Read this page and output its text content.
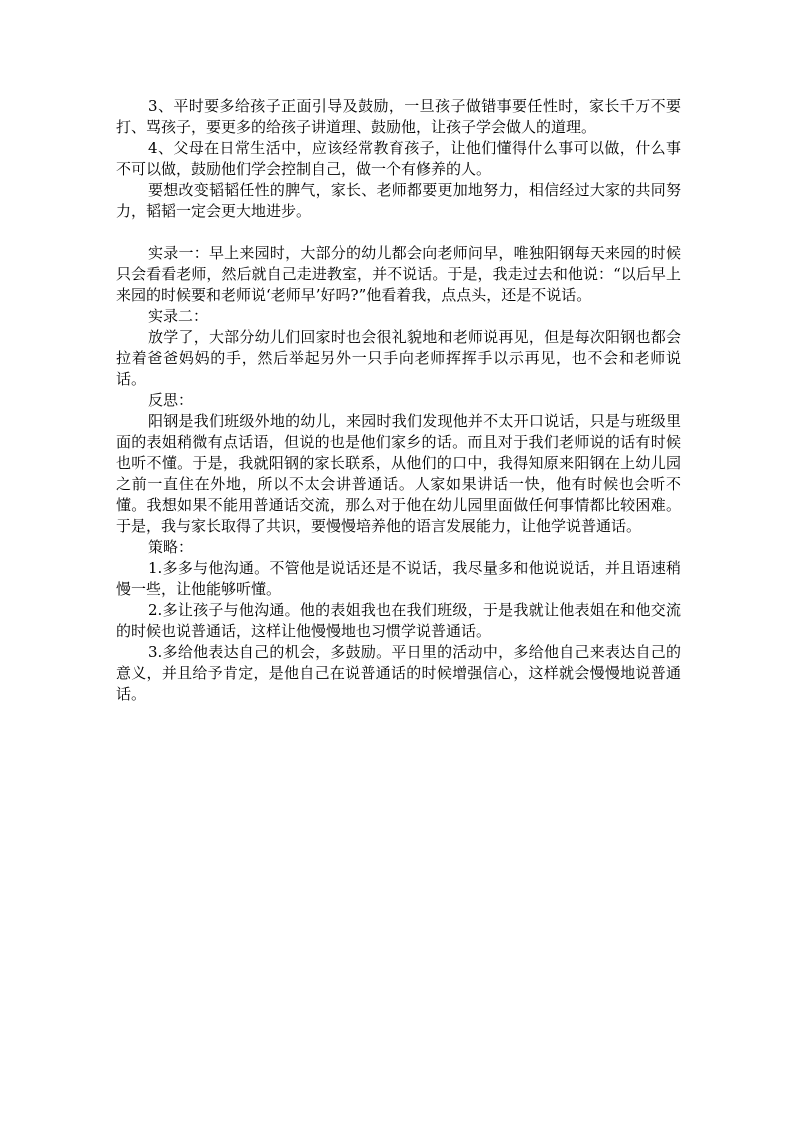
3、平时要多给孩子正面引导及鼓励，一旦孩子做错事要任性时，家长千万不要打、骂孩子，要更多的给孩子讲道理、鼓励他，让孩子学会做人的道理。

4、父母在日常生活中，应该经常教育孩子，让他们懂得什么事可以做，什么事不可以做，鼓励他们学会控制自己，做一个有修养的人。

要想改变韬韬任性的脾气，家长、老师都要更加地努力，相信经过大家的共同努力，韬韬一定会更大地进步。

实录一：早上来园时，大部分的幼儿都会向老师问早，唯独阳钢每天来园的时候只会看看老师，然后就自己走进教室，并不说话。于是，我走过去和他说：“以后早上来园的时候要和老师说‘老师早’好吗?”他看着我，点点头，还是不说话。

实录二：

放学了，大部分幼儿们回家时也会很礼貌地和老师说再见，但是每次阳钢也都会拉着爸爸妈妈的手，然后举起另外一只手向老师挥挥手以示再见，也不会和老师说话。

反思：

阳钢是我们班级外地的幼儿，来园时我们发现他并不太开口说话，只是与班级里面的表姐稍微有点话语，但说的也是他们家乡的话。而且对于我们老师说的话有时候也听不懂。于是，我就阳钢的家长联系，从他们的口中，我得知原来阳钢在上幼儿园之前一直住在外地，所以不太会讲普通话。人家如果讲话一快，他有时候也会听不懂。我想如果不能用普通话交流，那么对于他在幼儿园里面做任何事情都比较困难。于是，我与家长取得了共识，要慢慢培养他的语言发展能力，让他学说普通话。

策略：

1.多多与他沟通。不管他是说话还是不说话，我尽量多和他说说话，并且语速稍慢一些，让他能够听懂。

2.多让孩子与他沟通。他的表姐我也在我们班级，于是我就让他表姐在和他交流的时候也说普通话，这样让他慢慢地也习惯学说普通话。

3.多给他表达自己的机会，多鼓励。平日里的活动中，多给他自己来表达自己的意义，并且给予肯定，是他自己在说普通话的时候增强信心，这样就会慢慢地说普通话。
